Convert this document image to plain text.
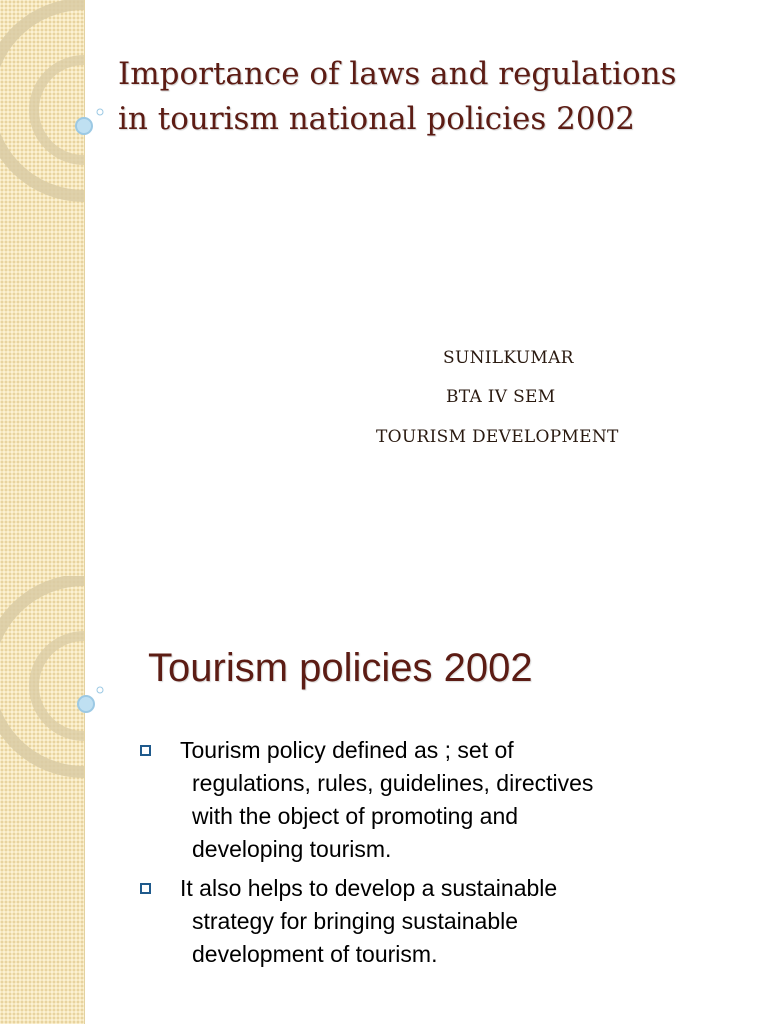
Importance of laws and regulations
in tourism national policies 2002
SUNILKUMAR
BTA IV SEM
TOURISM DEVELOPMENT
Tourism policies 2002
Tourism policy defined as ; set of
regulations, rules, guidelines, directives
with the object of promoting and
developing tourism.
It also helps to develop a sustainable
strategy for bringing sustainable
development of tourism.
